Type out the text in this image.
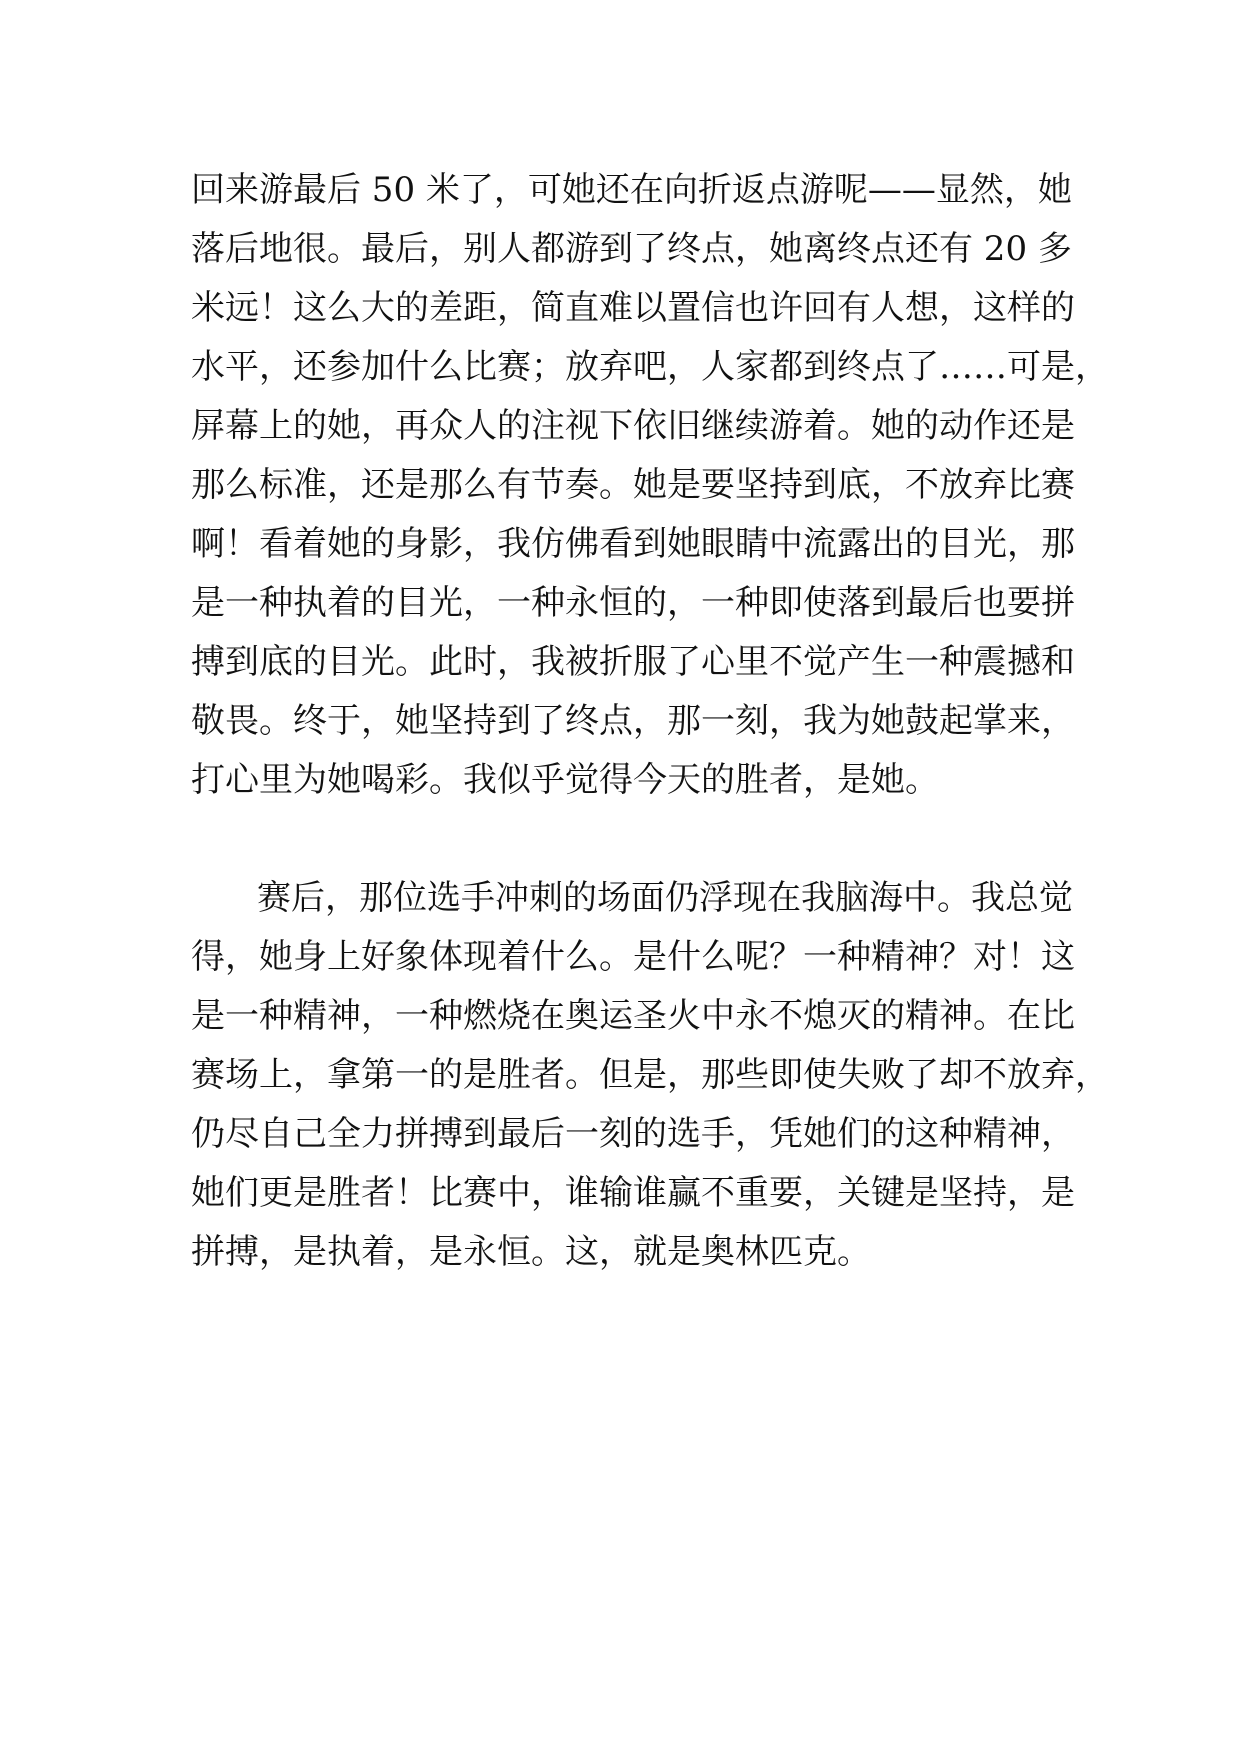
回来游最后 50 米了，可她还在向折返点游呢——显然，她
落后地很。最后，别人都游到了终点，她离终点还有 20 多
米远！这么大的差距，简直难以置信也许回有人想，这样的
水平，还参加什么比赛；放弃吧，人家都到终点了……可是，
屏幕上的她，再众人的注视下依旧继续游着。她的动作还是
那么标准，还是那么有节奏。她是要坚持到底，不放弃比赛
啊！看着她的身影，我仿佛看到她眼睛中流露出的目光，那
是一种执着的目光，一种永恒的，一种即使落到最后也要拼
搏到底的目光。此时，我被折服了心里不觉产生一种震撼和
敬畏。终于，她坚持到了终点，那一刻，我为她鼓起掌来，
打心里为她喝彩。我似乎觉得今天的胜者，是她。
赛后，那位选手冲刺的场面仍浮现在我脑海中。我总觉
得，她身上好象体现着什么。是什么呢？一种精神？对！这
是一种精神，一种燃烧在奥运圣火中永不熄灭的精神。在比
赛场上，拿第一的是胜者。但是，那些即使失败了却不放弃，
仍尽自己全力拼搏到最后一刻的选手，凭她们的这种精神，
她们更是胜者！比赛中，谁输谁赢不重要，关键是坚持，是
拼搏，是执着，是永恒。这，就是奥林匹克。
